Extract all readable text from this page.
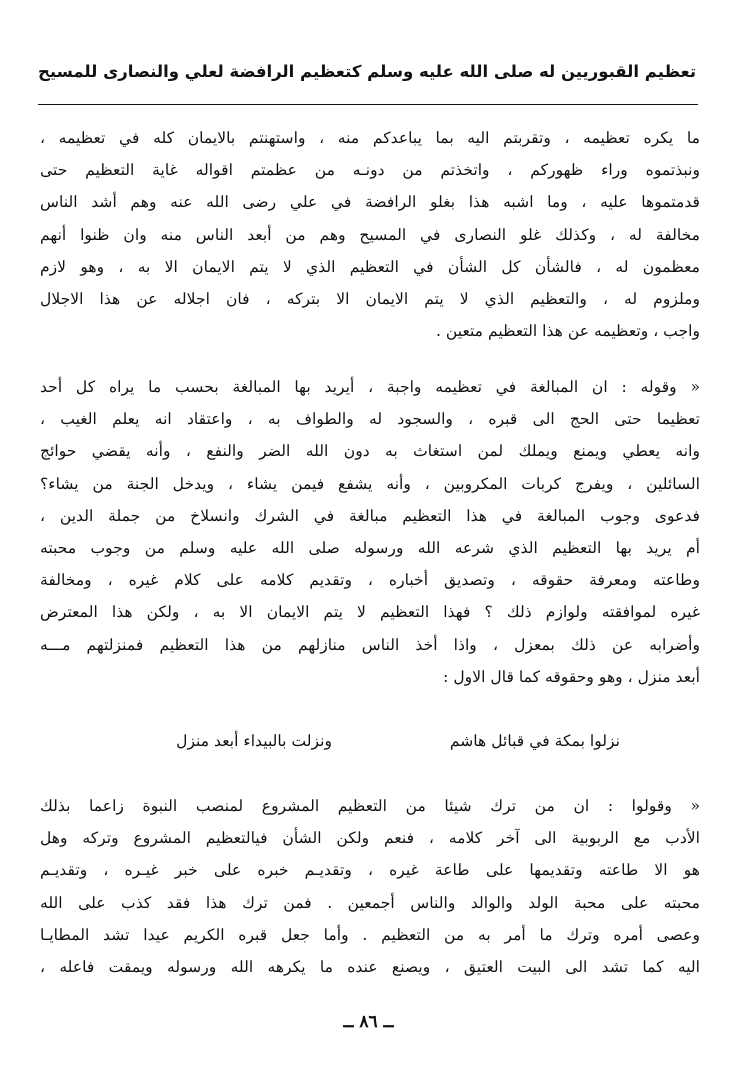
تعظيم القبوريين له صلى الله عليه وسلم كتعظيم الرافضة لعلي والنصارى للمسيح
ما يكره تعظيمه ، وتقربتم اليه بما يباعدكم منه ، واستهنتم بالايمان كله في تعظيمه ،
ونبذتموه وراء ظهوركم ، واتخذتم من دونـه من عظمتم اقواله غاية التعظيم حتى
قدمتموها عليه ، وما اشبه هذا بغلو الرافضة في علي رضى الله عنه وهم أشد الناس
مخالفة له ، وكذلك غلو النصارى في المسيح وهم من أبعد الناس منه وان ظنوا أنهم
معظمون له ، فالشأن كل الشأن في التعظيم الذي لا يتم الايمان الا به ، وهو لازم
وملزوم له ، والتعظيم الذي لا يتم الايمان الا بتركه ، فان اجلاله عن هذا الاجلال
واجب ، وتعظيمه عن هذا التعظيم متعين .
« وقوله : ان المبالغة في تعظيمه واجبة ، أيريد بها المبالغة بحسب ما يراه كل أحد
تعظيما حتى الحج الى قبره ، والسجود له والطواف به ، واعتقاد انه يعلم الغيب ،
وانه يعطي ويمنع ويملك لمن استغاث به دون الله الضر والنفع ، وأنه يقضي حوائج
السائلين ، ويفرج كربات المكروبين ، وأنه يشفع فيمن يشاء ، ويدخل الجنة من يشاء؟
فدعوى وجوب المبالغة في هذا التعظيم مبالغة في الشرك وانسلاخ من جملة الدين ،
أم يريد بها التعظيم الذي شرعه الله ورسوله صلى الله عليه وسلم من وجوب محبته
وطاعته ومعرفة حقوقه ، وتصديق أخباره ، وتقديم كلامه على كلام غيره ، ومخالفة
غيره لموافقته ولوازم ذلك ؟ فهذا التعظيم لا يتم الايمان الا به ، ولكن هذا المعترض
وأضرابه عن ذلك بمعزل ، واذا أخذ الناس منازلهم من هذا التعظيم فمنزلتهم مـــه
أبعد منزل ، وهو وحقوقه كما قال الاول :
نزلوا بمكة في قبائل هاشم
ونزلت بالبيداء أبعد منزل
« وقولوا : ان من ترك شيئا من التعظيم المشروع لمنصب النبوة زاعما بذلك
الأدب مع الربوبية الى آخر كلامه ، فنعم ولكن الشأن فيالتعظيم المشروع وتركه وهل
هو الا طاعته وتقديمها على طاعة غيره ، وتقديـم خبره على خبر غيـره ، وتقديـم
محبته على محبة الولد والوالد والناس أجمعين . فمن ترك هذا فقد كذب على الله
وعصى أمره وترك ما أمر به من التعظيم . وأما جعل قبره الكريم عيدا تشد المطايـا
اليه كما تشد الى البيت العتيق ، ويصنع عنده ما يكرهه الله ورسوله ويمقت فاعله ،
ــ ٨٦ ــ
